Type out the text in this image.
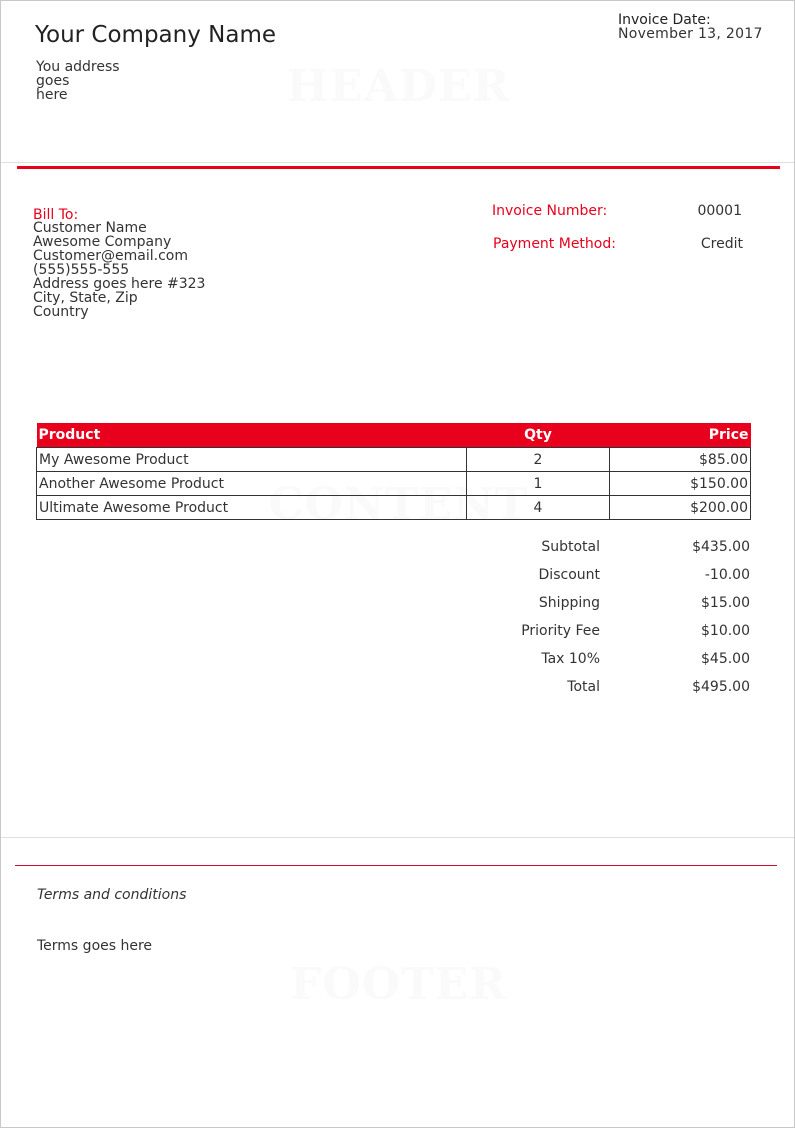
HEADER
CONTENT
FOOTER
Your Company Name
You address
goes
here
Invoice Date:
November 13, 2017
Bill To:
Customer Name
Awesome Company
Customer@email.com
(555)555-555
Address goes here #323
City, State, Zip
Country
Invoice Number:	00001
Payment Method:	Credit
Product	Qty	Price
My Awesome Product	2	$85.00
Another Awesome Product	1	$150.00
Ultimate Awesome Product	4	$200.00
Subtotal	$435.00
Discount	-10.00
Shipping	$15.00
Priority Fee	$10.00
Tax 10%	$45.00
Total	$495.00
Terms and conditions
Terms goes here
